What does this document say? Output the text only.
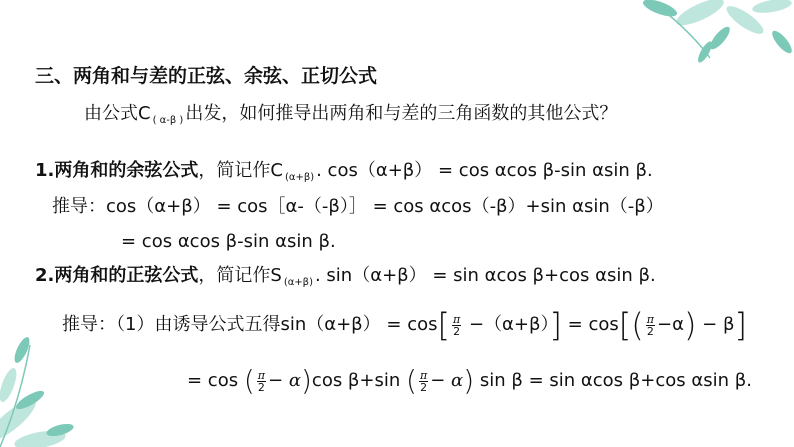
三、两角和与差的正弦、余弦、正切公式
由公式C $_{( \alpha-\beta )}$ 出发，如何推导出两角和与差的三角函数的其他公式？
1.两角和的余弦公式，简记作C $_{(\alpha+\beta)}$ . cos（α+β） = cos αcos β-sin αsin β.
推导：cos（α+β） = cos［α-（-β）］ = cos αcos（-β）+sin αsin（-β）
= cos αcos β-sin αsin β.
2.两角和的正弦公式，简记作S $_{(\alpha+\beta)}$ . sin（α+β） = sin αcos β+cos αsin β.
推导：（1）由诱导公式五得$\sin(\alpha+\beta) = \cos[ \frac{\pi}{2} -(\alpha+\beta)] = \cos[( \frac{\pi}{2} -\alpha) - \beta]$
= cos ( $\frac{\pi}{2}$ − 𝛼)cos β+sin ( $\frac{\pi}{2}$ − 𝛼) sin β = sin αcos β+cos αsin β.
